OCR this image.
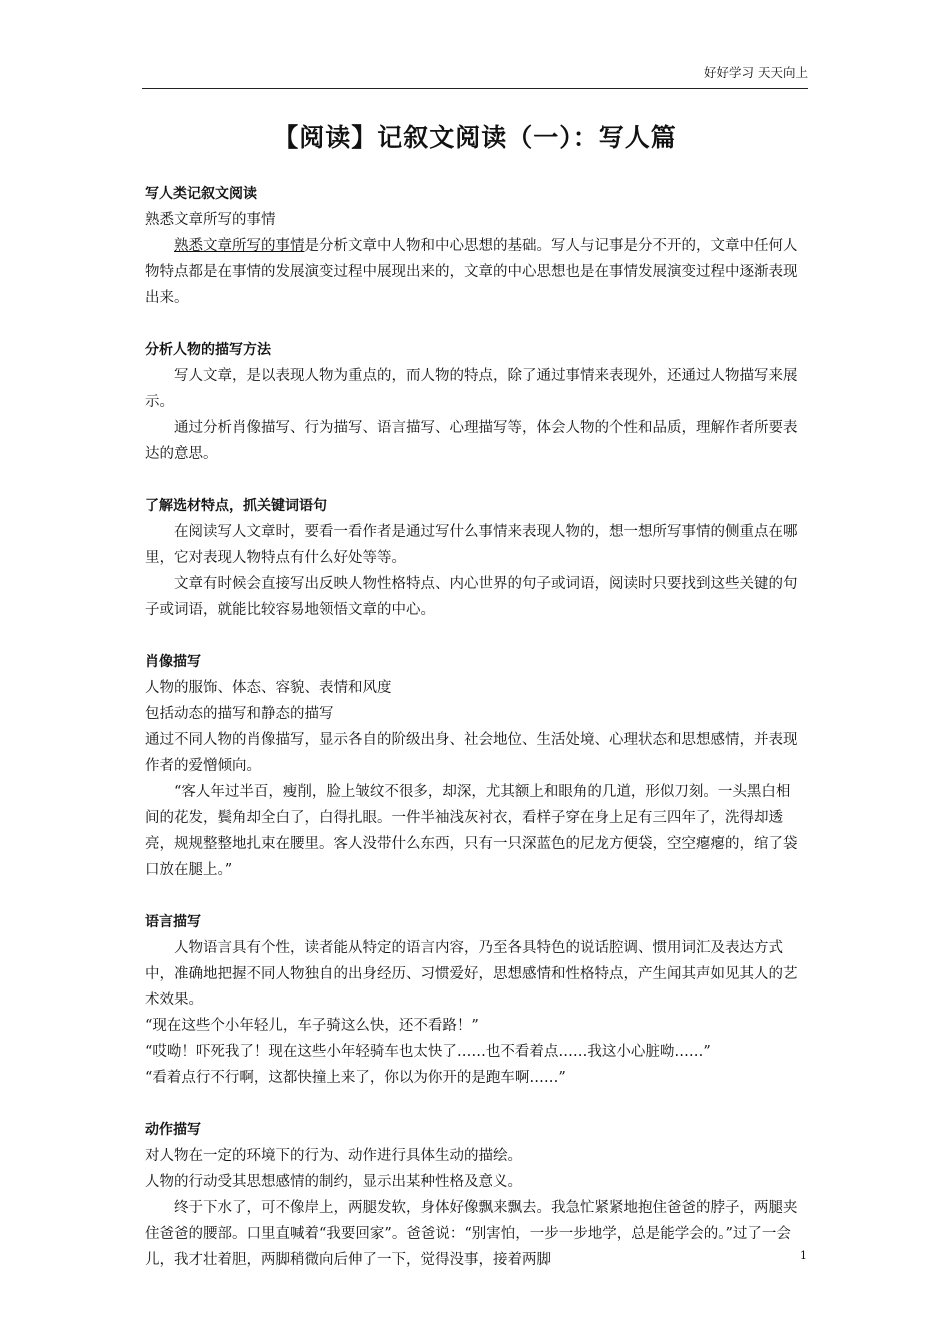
好好学习 天天向上
【阅读】记叙文阅读（一）：写人篇

写人类记叙文阅读

熟悉文章所写的事情

熟悉文章所写的事情是分析文章中人物和中心思想的基础。写人与记事是分不开的，文章中任何人物特点都是在事情的发展演变过程中展现出来的，文章的中心思想也是在事情发展演变过程中逐渐表现出来。

分析人物的描写方法

写人文章，是以表现人物为重点的，而人物的特点，除了通过事情来表现外，还通过人物描写来展示。

通过分析肖像描写、行为描写、语言描写、心理描写等，体会人物的个性和品质，理解作者所要表达的意思。

了解选材特点，抓关键词语句

在阅读写人文章时，要看一看作者是通过写什么事情来表现人物的，想一想所写事情的侧重点在哪里，它对表现人物特点有什么好处等等。

文章有时候会直接写出反映人物性格特点、内心世界的句子或词语，阅读时只要找到这些关键的句子或词语，就能比较容易地领悟文章的中心。

肖像描写

人物的服饰、体态、容貌、表情和风度

包括动态的描写和静态的描写

通过不同人物的肖像描写，显示各自的阶级出身、社会地位、生活处境、心理状态和思想感情，并表现作者的爱憎倾向。

“客人年过半百，瘦削，脸上皱纹不很多，却深，尤其额上和眼角的几道，形似刀刻。一头黑白相间的花发，鬓角却全白了，白得扎眼。一件半袖浅灰衬衣，看样子穿在身上足有三四年了，洗得却透亮，规规整整地扎束在腰里。客人没带什么东西，只有一只深蓝色的尼龙方便袋，空空瘪瘪的，绾了袋口放在腿上。”

语言描写

人物语言具有个性，读者能从特定的语言内容，乃至各具特色的说话腔调、惯用词汇及表达方式中，准确地把握不同人物独自的出身经历、习惯爱好，思想感情和性格特点，产生闻其声如见其人的艺术效果。

“现在这些个小年轻儿，车子骑这么快，还不看路！”

“哎呦！吓死我了！现在这些小年轻骑车也太快了……也不看着点……我这小心脏呦……”

“看着点行不行啊，这都快撞上来了，你以为你开的是跑车啊……”

动作描写

对人物在一定的环境下的行为、动作进行具体生动的描绘。

人物的行动受其思想感情的制约，显示出某种性格及意义。

终于下水了，可不像岸上，两腿发软，身体好像飘来飘去。我急忙紧紧地抱住爸爸的脖子，两腿夹住爸爸的腰部。口里直喊着“我要回家”。爸爸说：“别害怕，一步一步地学，总是能学会的。”过了一会儿，我才壮着胆，两脚稍微向后伸了一下，觉得没事，接着两脚	1
